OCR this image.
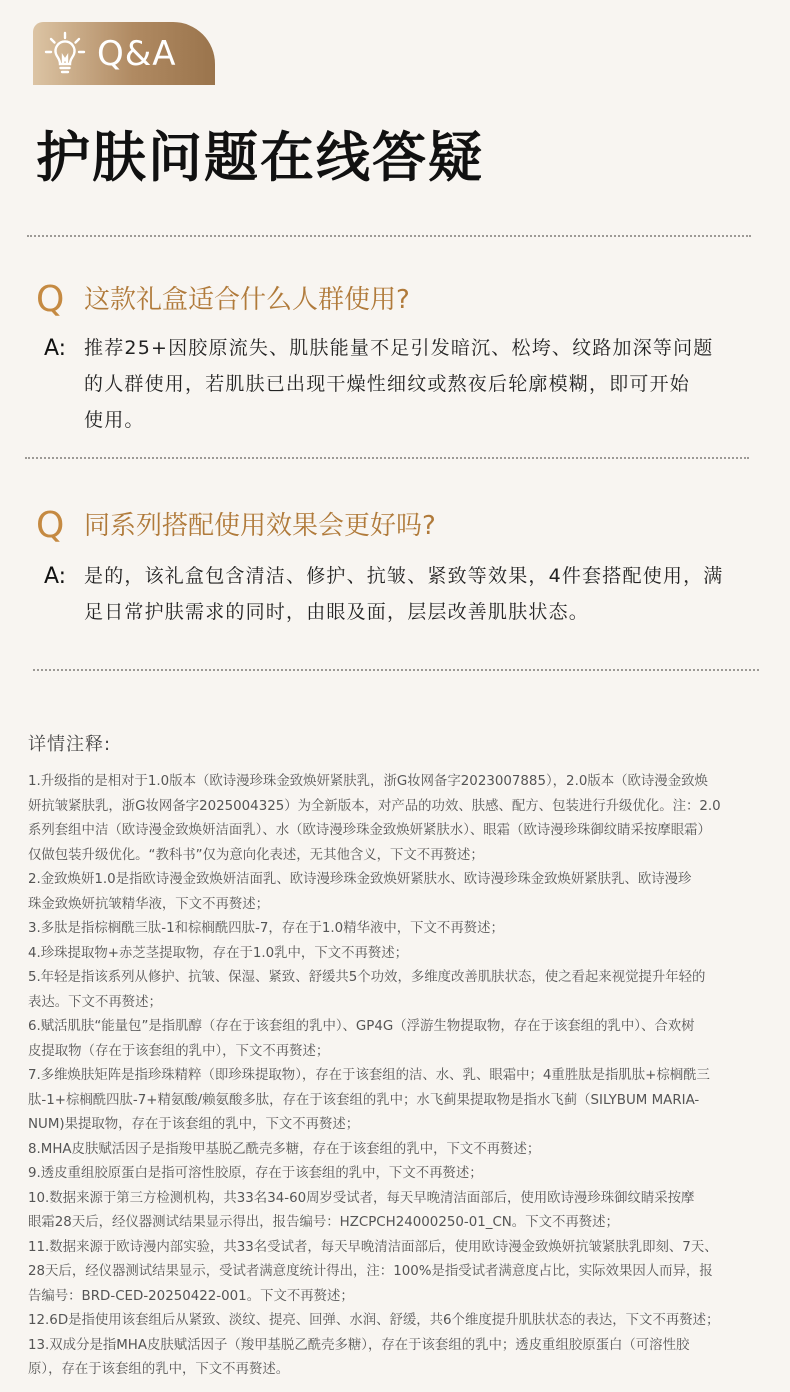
Q&A
护肤问题在线答疑
Q 这款礼盒适合什么人群使用?
A: 推荐25+因胶原流失、肌肤能量不足引发暗沉、松垮、纹路加深等问题
的人群使用，若肌肤已出现干燥性细纹或熬夜后轮廓模糊，即可开始
使用。
Q 同系列搭配使用效果会更好吗?
A: 是的，该礼盒包含清洁、修护、抗皱、紧致等效果，4件套搭配使用，满
足日常护肤需求的同时，由眼及面，层层改善肌肤状态。
详情注释:

1.升级指的是相对于1.0版本（欧诗漫珍珠金致焕妍紧肤乳，浙G妆网备字2023007885），2.0版本（欧诗漫金致焕

妍抗皱紧肤乳，浙G妆网备字2025004325）为全新版本，对产品的功效、肤感、配方、包装进行升级优化。注：2.0

系列套组中洁（欧诗漫金致焕妍洁面乳）、水（欧诗漫珍珠金致焕妍紧肤水）、眼霜（欧诗漫珍珠御纹睛采按摩眼霜）

仅做包装升级优化。“教科书”仅为意向化表述，无其他含义，下文不再赘述；

2.金致焕妍1.0是指欧诗漫金致焕妍洁面乳、欧诗漫珍珠金致焕妍紧肤水、欧诗漫珍珠金致焕妍紧肤乳、欧诗漫珍

珠金致焕妍抗皱精华液，下文不再赘述；

3.多肽是指棕榈酰三肽-1和棕榈酰四肽-7，存在于1.0精华液中，下文不再赘述；

4.珍珠提取物+赤芝茎提取物，存在于1.0乳中，下文不再赘述；

5.年轻是指该系列从修护、抗皱、保湿、紧致、舒缓共5个功效，多维度改善肌肤状态，使之看起来视觉提升年轻的

表达。下文不再赘述；

6.赋活肌肤“能量包”是指肌醇（存在于该套组的乳中）、GP4G（浮游生物提取物，存在于该套组的乳中）、合欢树

皮提取物（存在于该套组的乳中），下文不再赘述；

7.多维焕肤矩阵是指珍珠精粹（即珍珠提取物），存在于该套组的洁、水、乳、眼霜中；4重胜肽是指肌肽+棕榈酰三

肽-1+棕榈酰四肽-7+精氨酸/赖氨酸多肽，存在于该套组的乳中；水飞蓟果提取物是指水飞蓟（SILYBUM MARIA-

NUM)果提取物，存在于该套组的乳中，下文不再赘述；

8.MHA皮肤赋活因子是指羧甲基脱乙酰壳多糖，存在于该套组的乳中，下文不再赘述；

9.透皮重组胶原蛋白是指可溶性胶原，存在于该套组的乳中，下文不再赘述；

10.数据来源于第三方检测机构，共33名34-60周岁受试者，每天早晚清洁面部后，使用欧诗漫珍珠御纹睛采按摩

眼霜28天后，经仪器测试结果显示得出，报告编号：HZCPCH24000250-01_CN。下文不再赘述；

11.数据来源于欧诗漫内部实验，共33名受试者，每天早晚清洁面部后，使用欧诗漫金致焕妍抗皱紧肤乳即刻、7天、

28天后，经仪器测试结果显示，受试者满意度统计得出，注：100%是指受试者满意度占比，实际效果因人而异，报

告编号：BRD-CED-20250422-001。下文不再赘述；

12.6D是指使用该套组后从紧致、淡纹、提亮、回弹、水润、舒缓，共6个维度提升肌肤状态的表达，下文不再赘述；

13.双成分是指MHA皮肤赋活因子（羧甲基脱乙酰壳多糖），存在于该套组的乳中；透皮重组胶原蛋白（可溶性胶

原），存在于该套组的乳中，下文不再赘述。
